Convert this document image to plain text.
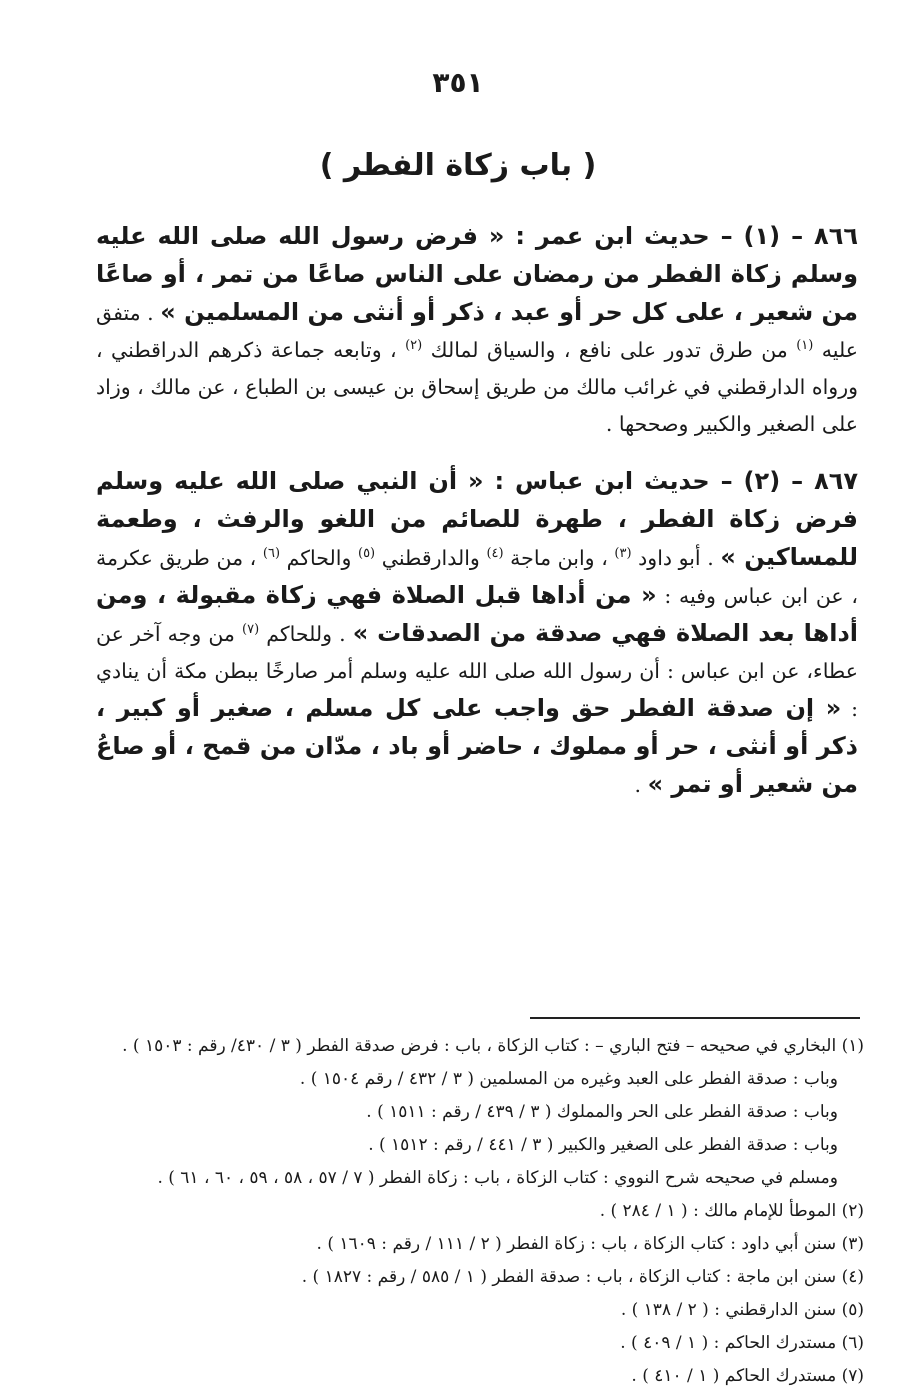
٣٥١
( باب زكاة الفطر )

٨٦٦ – (١) – حديث ابن عمر : « فرض رسول الله صلى الله عليه وسلم زكاة الفطر من رمضان على الناس صاعًا من تمر ، أو صاعًا من شعير ، على كل حر أو عبد ، ذكر أو أنثى من المسلمين » . متفق عليه $^{(١)}$ من طرق تدور على نافع ، والسياق لمالك $^{(٢)}$ ، وتابعه جماعة ذكرهم الدراقطني ، ورواه الدارقطني في غرائب مالك من طريق إسحاق بن عيسى بن الطباع ، عن مالك ، وزاد على الصغير والكبير وصححها .

٨٦٧ – (٢) – حديث ابن عباس : « أن النبي صلى الله عليه وسلم فرض زكاة الفطر ، طهرة للصائم من اللغو والرفث ، وطعمة للمساكين » . أبو داود $^{(٣)}$ ، وابن ماجة $^{(٤)}$ والدارقطني $^{(٥)}$ والحاكم $^{(٦)}$ ، من طريق عكرمة ، عن ابن عباس وفيه : « من أداها قبل الصلاة فهي زكاة مقبولة ، ومن أداها بعد الصلاة فهي صدقة من الصدقات » . وللحاكم $^{(٧)}$ من وجه آخر عن عطاء، عن ابن عباس : أن رسول الله صلى الله عليه وسلم أمر صارخًا ببطن مكة أن ينادي : « إن صدقة الفطر حق واجب على كل مسلم ، صغير أو كبير ، ذكر أو أنثى ، حر أو مملوك ، حاضر أو باد ، مدّان من قمح ، أو صاعُ من شعير أو تمر » .

(١) البخاري في صحيحه – فتح الباري – : كتاب الزكاة ، باب : فرض صدقة الفطر ( ٣ / ٤٣٠/ رقم : ١٥٠٣ ) .

وباب : صدقة الفطر على العبد وغيره من المسلمين ( ٣ / ٤٣٢ / رقم ١٥٠٤ ) .

وباب : صدقة الفطر على الحر والمملوك ( ٣ / ٤٣٩ / رقم : ١٥١١ ) .

وباب : صدقة الفطر على الصغير والكبير ( ٣ / ٤٤١ / رقم : ١٥١٢ ) .

ومسلم في صحيحه شرح النووي : كتاب الزكاة ، باب : زكاة الفطر ( ٧ / ٥٧ ، ٥٨ ، ٥٩ ، ٦٠ ، ٦١ ) .

(٢) الموطأ للإمام مالك : ( ١ / ٢٨٤ ) .

(٣) سنن أبي داود : كتاب الزكاة ، باب : زكاة الفطر ( ٢ / ١١١ / رقم : ١٦٠٩ ) .

(٤) سنن ابن ماجة : كتاب الزكاة ، باب : صدقة الفطر ( ١ / ٥٨٥ / رقم : ١٨٢٧ ) .

(٥) سنن الدارقطني : ( ٢ / ١٣٨ ) .

(٦) مستدرك الحاكم : ( ١ / ٤٠٩ ) .

(٧) مستدرك الحاكم ( ١ / ٤١٠ ) .
